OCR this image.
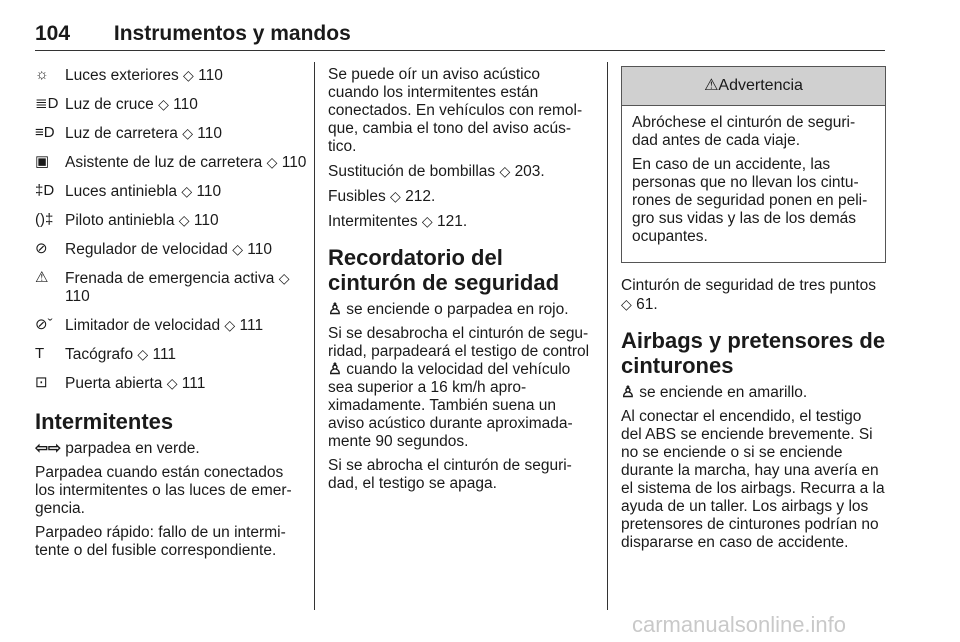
104 Instrumentos y mandos
☼	Luces exteriores ◇ 110
≣D Luz de cruce ◇ 110
≡D Luz de carretera ◇ 110
▣	Asistente de luz de carretera ◇ 110
‡D Luces antiniebla ◇ 110
()‡ Piloto antiniebla ◇ 110
⊘	Regulador de velocidad ◇ 110
⚠	Frenada de emergencia activa ◇ 110
⊘ˇ Limitador de velocidad ◇ 111
T	Tacógrafo ◇ 111
⊡	Puerta abierta ◇ 111
Intermitentes

⇦⇨ parpadea en verde.

Parpadea cuando están conectados los intermitentes o las luces de emer-gencia.

Parpadeo rápido: fallo de un intermi-tente o del fusible correspondiente.

Se puede oír un aviso acústico cuando los intermitentes están conectados. En vehículos con remol-que, cambia el tono del aviso acús-tico.

Sustitución de bombillas ◇ 203.

Fusibles ◇ 212.

Intermitentes ◇ 121.

Recordatorio del cinturón de seguridad

♙ se enciende o parpadea en rojo.

Si se desabrocha el cinturón de segu-ridad, parpadeará el testigo de control ♙ cuando la velocidad del vehículo sea superior a 16 km/h apro-ximadamente. También suena un aviso acústico durante aproximada-mente 90 segundos.

Si se abrocha el cinturón de seguri-dad, el testigo se apaga.

⚠ Advertencia

Abróchese el cinturón de seguri-dad antes de cada viaje.

En caso de un accidente, las personas que no llevan los cintu-rones de seguridad ponen en peli-gro sus vidas y las de los demás ocupantes.

Cinturón de seguridad de tres puntos ◇ 61.

Airbags y pretensores de cinturones

♙ se enciende en amarillo.

Al conectar el encendido, el testigo del ABS se enciende brevemente. Si no se enciende o si se enciende durante la marcha, hay una avería en el sistema de los airbags. Recurra a la ayuda de un taller. Los airbags y los pretensores de cinturones podrían no dispararse en caso de accidente.

carmanualsonline.info
